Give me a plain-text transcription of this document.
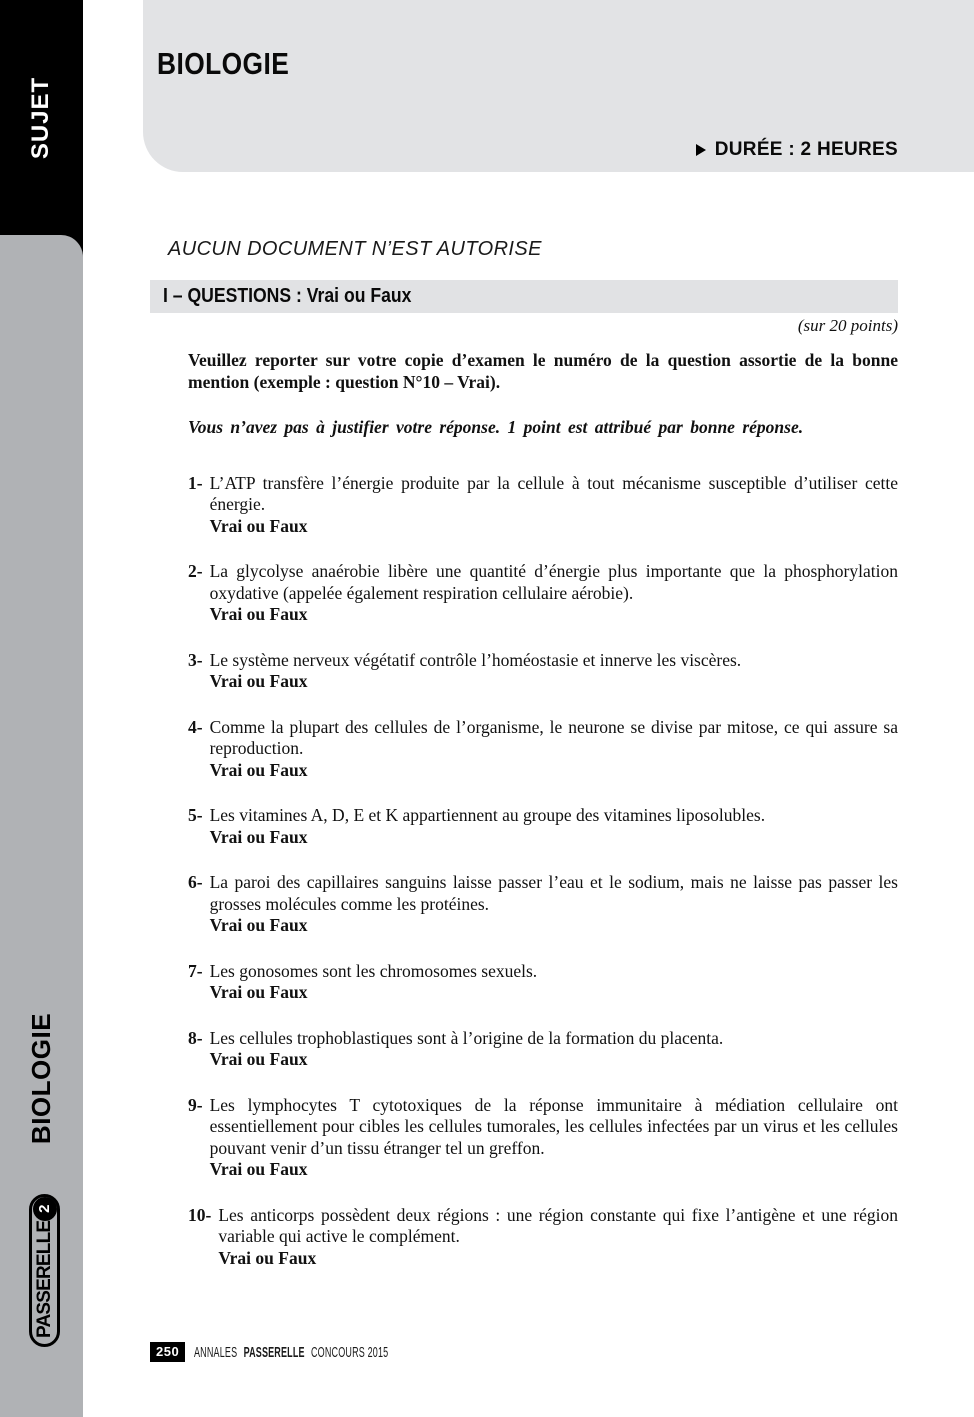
SUJET
BIOLOGIE
PASSERELLE
2
BIOLOGIE
DURÉE : 2 HEURES
AUCUN DOCUMENT N’EST AUTORISE
I – QUESTIONS : Vrai ou Faux
(sur 20 points)

Veuillez reporter sur votre copie d’examen le numéro de la question assortie de la bonne mention (exemple : question N°10 – Vrai).

Vous n’avez pas à justifier votre réponse. 1 point est attribué par bonne réponse.

1- L’ATP transfère l’énergie produite par la cellule à tout mécanisme susceptible d’utiliser cette énergie.
Vrai ou Faux
2- La glycolyse anaérobie libère une quantité d’énergie plus importante que la phosphorylation oxydative (appelée également respiration cellulaire aérobie).
Vrai ou Faux
3- Le système nerveux végétatif contrôle l’homéostasie et innerve les viscères.
Vrai ou Faux
4- Comme la plupart des cellules de l’organisme, le neurone se divise par mitose, ce qui assure sa reproduction.
Vrai ou Faux
5- Les vitamines A, D, E et K appartiennent au groupe des vitamines liposolubles.
Vrai ou Faux
6- La paroi des capillaires sanguins laisse passer l’eau et le sodium, mais ne laisse pas passer les grosses molécules comme les protéines.
Vrai ou Faux
7- Les gonosomes sont les chromosomes sexuels.
Vrai ou Faux
8- Les cellules trophoblastiques sont à l’origine de la formation du placenta.
Vrai ou Faux
9- Les lymphocytes T cytotoxiques de la réponse immunitaire à médiation cellulaire ont essentiellement pour cibles les cellules tumorales, les cellules infectées par un virus et les cellules pouvant venir d’un tissu étranger tel un greffon.
Vrai ou Faux
10- Les anticorps possèdent deux régions : une région constante qui fixe l’antigène et une région variable qui active le complément.
Vrai ou Faux
250	ANNALES PASSERELLE CONCOURS 2015
